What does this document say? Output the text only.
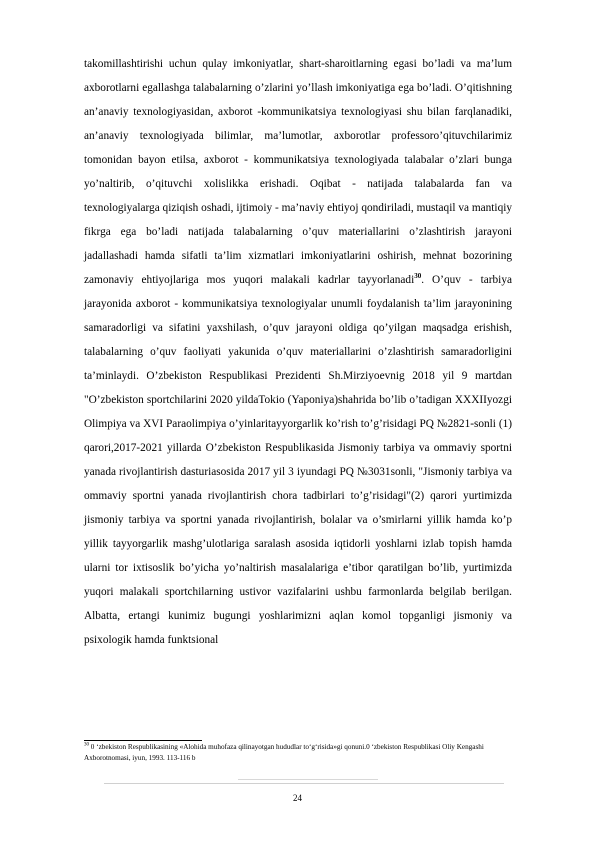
takomillashtirishi uchun qulay imkoniyatlar, shart-sharoitlarning egasi bo’ladi va ma’lum axborotlarni egallashga talabalarning o’zlarini yo’llash imkoniyatiga ega bo’ladi. O’qitishning an’anaviy texnologiyasidan, axborot -kommunikatsiya texnologiyasi shu bilan farqlanadiki, an’anaviy texnologiyada bilimlar, ma’lumotlar, axborotlar professoro’qituvchilarimiz tomonidan bayon etilsa, axborot - kommunikatsiya texnologiyada talabalar o’zlari bunga yo’naltirib, o’qituvchi xolislikka erishadi. Oqibat - natijada talabalarda fan va texnologiyalarga qiziqish oshadi, ijtimoiy - ma’naviy ehtiyoj qondiriladi, mustaqil va mantiqiy fikrga ega bo’ladi natijada talabalarning o’quv materiallarini o’zlashtirish jarayoni jadallashadi hamda sifatli ta’lim xizmatlari imkoniyatlarini oshirish, mehnat bozorining zamonaviy ehtiyojlariga mos yuqori malakali kadrlar tayyorlanadi$^{30}$. O’quv - tarbiya jarayonida axborot - kommunikatsiya texnologiyalar unumli foydalanish ta’lim jarayonining samaradorligi va sifatini yaxshilash, o’quv jarayoni oldiga qo’yilgan maqsadga erishish, talabalarning o’quv faoliyati yakunida o’quv materiallarini o’zlashtirish samaradorligini ta’minlaydi. O’zbekiston Respublikasi Prezidenti Sh.Mirziyoevnig 2018 yil 9 martdan "O’zbekiston sportchilarini 2020 yildaTokio (Yaponiya)shahrida bo’lib o’tadigan XXXIIyozgi Olimpiya va XVI Paraolimpiya o’yinlaritayyorgarlik ko’rish to’g’risidagi PQ №2821-sonli (1) qarori,2017-2021 yillarda O’zbekiston Respublikasida Jismoniy tarbiya va ommaviy sportni yanada rivojlantirish dasturiasosida 2017 yil 3 iyundagi PQ №3031sonli, "Jismoniy tarbiya va ommaviy sportni yanada rivojlantirish chora tadbirlari to’g’risidagi"(2) qarori yurtimizda jismoniy tarbiya va sportni yanada rivojlantirish, bolalar va o’smirlarni yillik hamda ko’p yillik tayyorgarlik mashg’ulotlariga saralash asosida iqtidorli yoshlarni izlab topish hamda ularni tor ixtisoslik bo’yicha yo’naltirish masalalariga e’tibor qaratilgan bo’lib, yurtimizda yuqori malakali sportchilarning ustivor vazifalarini ushbu farmonlarda belgilab berilgan. Albatta, ertangi kunimiz bugungi yoshlarimizni aqlan komol topganligi jismoniy va psixologik hamda funktsional

$^{30}$ 0 ‘zbekiston Respublikasining «Alohida muhofaza qilinayotgan hududlar to‘g‘risida»gi qonuni.0 ‘zbekiston Respublikasi Oliy Kengashi Axborotnomasi, iyun, 1993. 113-116 b
24
